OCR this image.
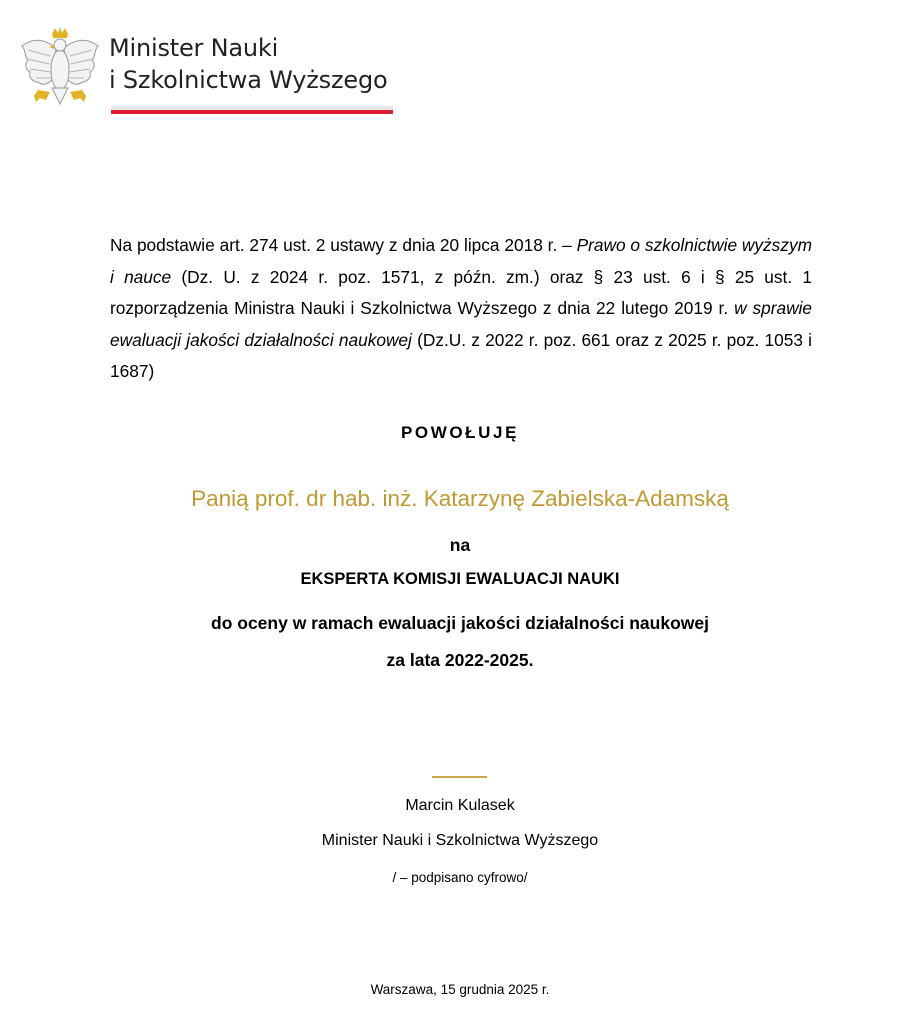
Minister Nauki
i Szkolnictwa Wyższego

Na podstawie art. 274 ust. 2 ustawy z dnia 20 lipca 2018 r. – Prawo o szkolnictwie wyższym i nauce (Dz. U. z 2024 r. poz. 1571, z późn. zm.) oraz § 23 ust. 6 i § 25 ust. 1 rozporządzenia Ministra Nauki i Szkolnictwa Wyższego z dnia 22 lutego 2019 r. w sprawie ewaluacji jakości działalności naukowej (Dz.U. z 2022 r. poz. 661 oraz z 2025 r. poz. 1053 i 1687)

POWOŁUJĘ
Panią prof. dr hab. inż. Katarzynę Zabielska-Adamską
na
EKSPERTA KOMISJI EWALUACJI NAUKI
do oceny w ramach ewaluacji jakości działalności naukowej
za lata 2022-2025.
Marcin Kulasek
Minister Nauki i Szkolnictwa Wyższego
/ – podpisano cyfrowo/
Warszawa, 15 grudnia 2025 r.
